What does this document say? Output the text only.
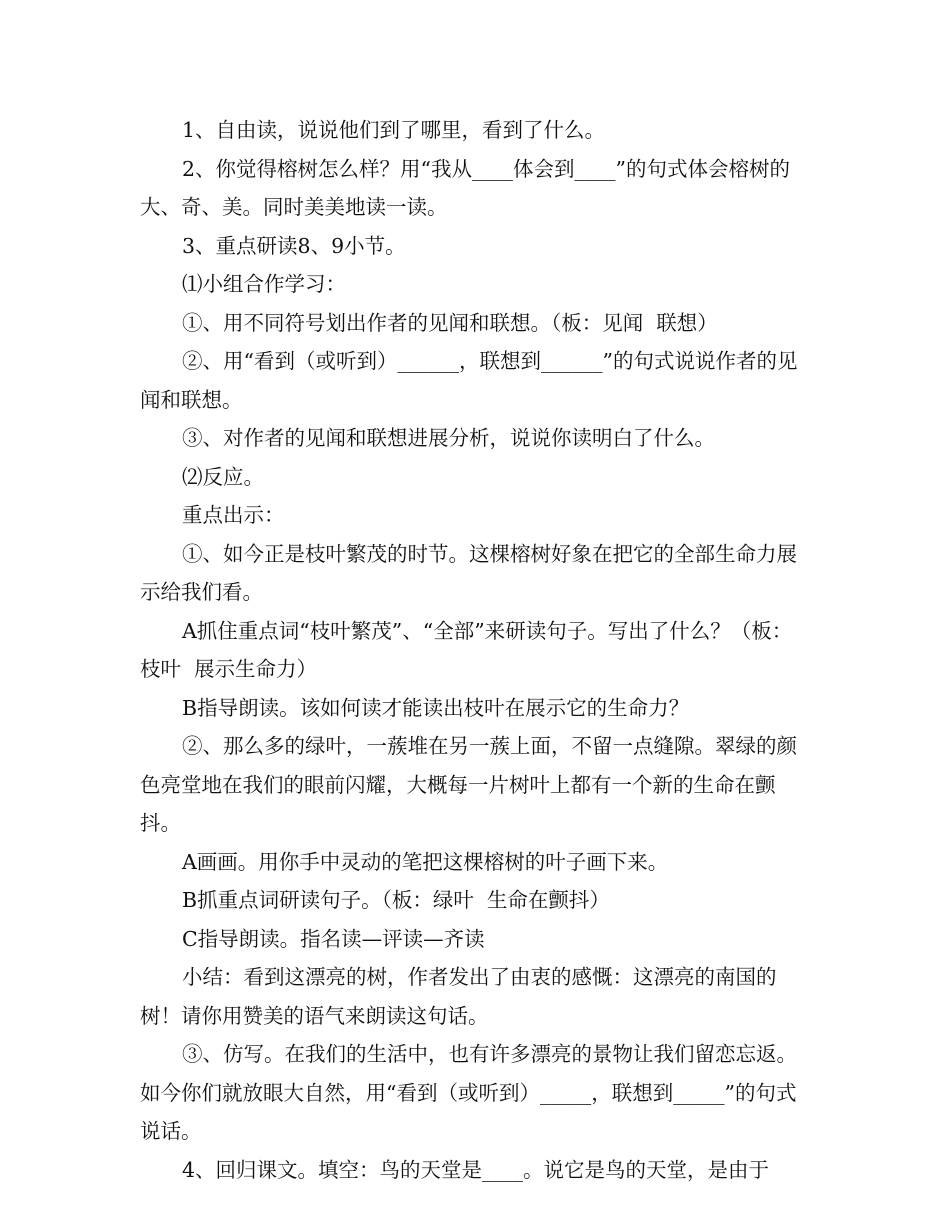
1、自由读，说说他们到了哪里，看到了什么。

2、你觉得榕树怎么样？用“我从____体会到____”的句式体会榕树的大、奇、美。同时美美地读一读。

3、重点研读8、9小节。

⑴小组合作学习：

①、用不同符号划出作者的见闻和联想。（板：见闻  联想）

②、用“看到（或听到）______，联想到______”的句式说说作者的见闻和联想。

③、对作者的见闻和联想进展分析，说说你读明白了什么。

⑵反应。

重点出示：

①、如今正是枝叶繁茂的时节。这棵榕树好象在把它的全部生命力展示给我们看。

A抓住重点词“枝叶繁茂”、“全部”来研读句子。写出了什么？（板：枝叶  展示生命力）

B指导朗读。该如何读才能读出枝叶在展示它的生命力？

②、那么多的绿叶，一蔟堆在另一蔟上面，不留一点缝隙。翠绿的颜色亮堂地在我们的眼前闪耀，大概每一片树叶上都有一个新的生命在颤抖。

A画画。用你手中灵动的笔把这棵榕树的叶子画下来。

B抓重点词研读句子。（板：绿叶  生命在颤抖）

C指导朗读。指名读—评读—齐读

小结：看到这漂亮的树，作者发出了由衷的感慨：这漂亮的南国的树！请你用赞美的语气来朗读这句话。

③、仿写。在我们的生活中，也有许多漂亮的景物让我们留恋忘返。如今你们就放眼大自然，用“看到（或听到）_____，联想到_____”的句式说话。

4、回归课文。填空：鸟的天堂是____。说它是鸟的天堂，是由于
